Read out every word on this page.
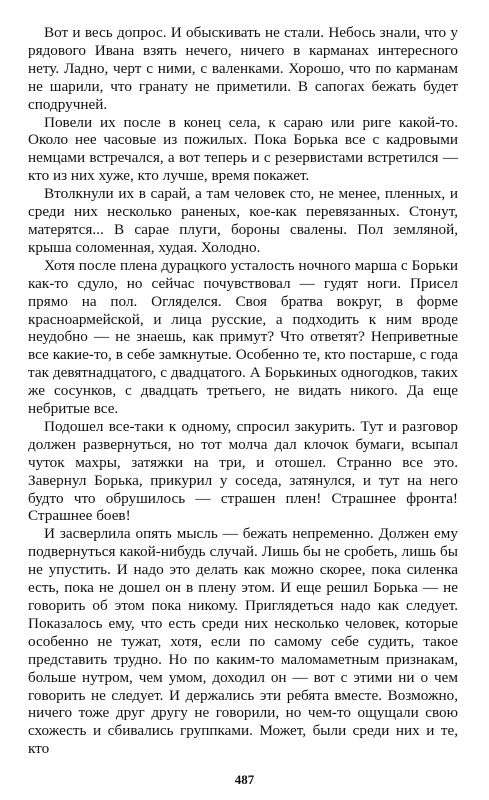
Вот и весь допрос. И обыскивать не стали. Небось знали, что у рядового Ивана взять нечего, ничего в карманах интересного нету. Ладно, черт с ними, с валенками. Хорошо, что по карманам не шарили, что гранату не приметили. В сапогах бежать будет сподручней.

Повели их после в конец села, к сараю или риге какой-то. Около нее часовые из пожилых. Пока Борька все с кадровыми немцами встречался, а вот теперь и с резервистами встретился — кто из них хуже, кто лучше, время покажет.

Втолкнули их в сарай, а там человек сто, не менее, пленных, и среди них несколько раненых, кое-как перевязанных. Стонут, матерятся... В сарае плуги, бороны свалены. Пол земляной, крыша соломенная, худая. Холодно.

Хотя после плена дурацкого усталость ночного марша с Борьки как-то сдуло, но сейчас почувствовал — гудят ноги. Присел прямо на пол. Огляделся. Своя братва вокруг, в форме красноармейской, и лица русские, а подходить к ним вроде неудобно — не знаешь, как примут? Что ответят? Неприветные все какие-то, в себе замкнутые. Особенно те, кто постарше, с года так девятнадцатого, с двадцатого. А Борькиных одногодков, таких же сосунков, с двадцать третьего, не видать никого. Да еще небритые все.

Подошел все-таки к одному, спросил закурить. Тут и разговор должен развернуться, но тот молча дал клочок бумаги, всыпал чуток махры, затяжки на три, и отошел. Странно все это. Завернул Борька, прикурил у соседа, затянулся, и тут на него будто что обрушилось — страшен плен! Страшнее фронта! Страшнее боев!

И засверлила опять мысль — бежать непременно. Должен ему подвернуться какой-нибудь случай. Лишь бы не сробеть, лишь бы не упустить. И надо это делать как можно скорее, пока силенка есть, пока не дошел он в плену этом. И еще решил Борька — не говорить об этом пока никому. Приглядеться надо как следует. Показалось ему, что есть среди них несколько человек, которые особенно не тужат, хотя, если по самому себе судить, такое представить трудно. Но по каким-то маломаметным признакам, больше нутром, чем умом, доходил он — вот с этими ни о чем говорить не следует. И держались эти ребята вместе. Возможно, ничего тоже друг другу не говорили, но чем-то ощущали свою схожесть и сбивались группками. Может, были среди них и те, кто

487
